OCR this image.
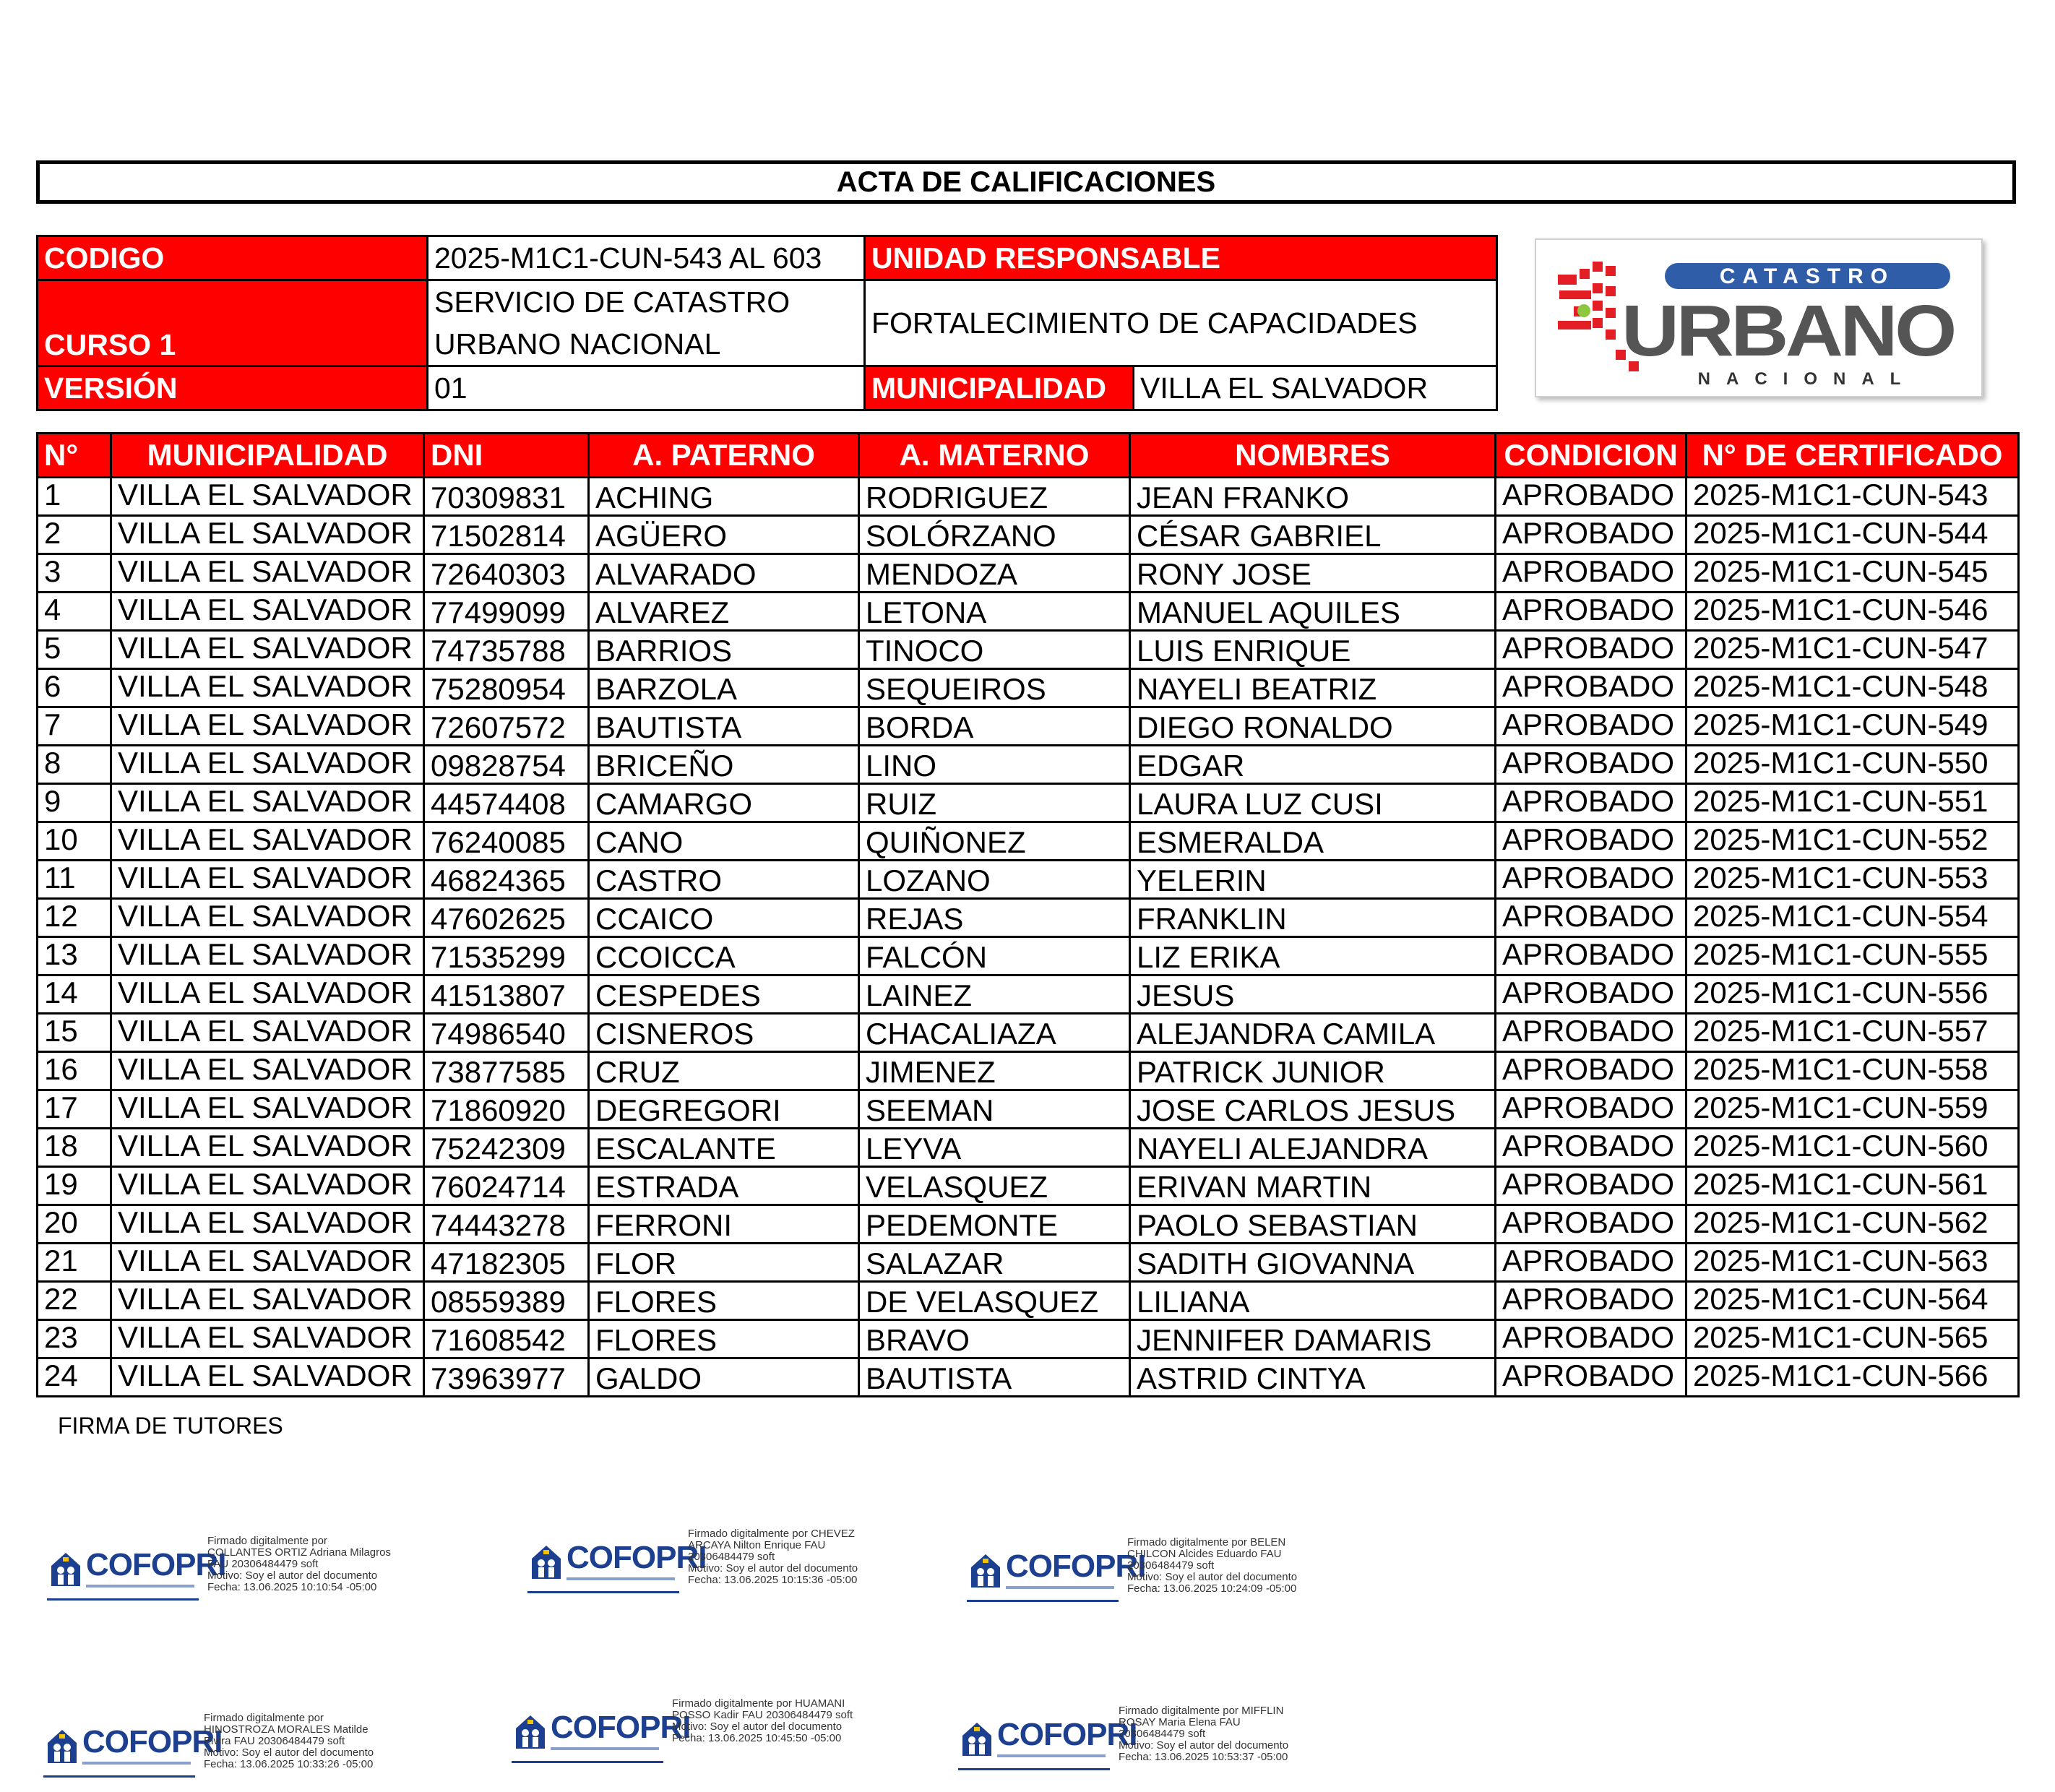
ACTA DE CALIFICACIONES
CODIGO	2025-M1C1-CUN-543 AL 603	UNIDAD RESPONSABLE	
CURSO 1	SERVICIO DE CATASTRO URBANO NACIONAL	FORTALECIMIENTO DE CAPACIDADES	
VERSIÓN	01	MUNICIPALIDAD	VILLA EL SALVADOR
CATASTRO
URBANO
NACIONAL
N°	MUNICIPALIDAD	DNI	A. PATERNO	A. MATERNO	NOMBRES	CONDICION	N° DE CERTIFICADO
1	VILLA EL SALVADOR	70309831	ACHING	RODRIGUEZ	JEAN FRANKO	APROBADO	2025-M1C1-CUN-543
2	VILLA EL SALVADOR	71502814	AGÜERO	SOLÓRZANO	CÉSAR GABRIEL	APROBADO	2025-M1C1-CUN-544
3	VILLA EL SALVADOR	72640303	ALVARADO	MENDOZA	RONY JOSE	APROBADO	2025-M1C1-CUN-545
4	VILLA EL SALVADOR	77499099	ALVAREZ	LETONA	MANUEL AQUILES	APROBADO	2025-M1C1-CUN-546
5	VILLA EL SALVADOR	74735788	BARRIOS	TINOCO	LUIS ENRIQUE	APROBADO	2025-M1C1-CUN-547
6	VILLA EL SALVADOR	75280954	BARZOLA	SEQUEIROS	NAYELI BEATRIZ	APROBADO	2025-M1C1-CUN-548
7	VILLA EL SALVADOR	72607572	BAUTISTA	BORDA	DIEGO RONALDO	APROBADO	2025-M1C1-CUN-549
8	VILLA EL SALVADOR	09828754	BRICEÑO	LINO	EDGAR	APROBADO	2025-M1C1-CUN-550
9	VILLA EL SALVADOR	44574408	CAMARGO	RUIZ	LAURA LUZ CUSI	APROBADO	2025-M1C1-CUN-551
10	VILLA EL SALVADOR	76240085	CANO	QUIÑONEZ	ESMERALDA	APROBADO	2025-M1C1-CUN-552
11	VILLA EL SALVADOR	46824365	CASTRO	LOZANO	YELERIN	APROBADO	2025-M1C1-CUN-553
12	VILLA EL SALVADOR	47602625	CCAICO	REJAS	FRANKLIN	APROBADO	2025-M1C1-CUN-554
13	VILLA EL SALVADOR	71535299	CCOICCA	FALCÓN	LIZ ERIKA	APROBADO	2025-M1C1-CUN-555
14	VILLA EL SALVADOR	41513807	CESPEDES	LAINEZ	JESUS	APROBADO	2025-M1C1-CUN-556
15	VILLA EL SALVADOR	74986540	CISNEROS	CHACALIAZA	ALEJANDRA CAMILA	APROBADO	2025-M1C1-CUN-557
16	VILLA EL SALVADOR	73877585	CRUZ	JIMENEZ	PATRICK JUNIOR	APROBADO	2025-M1C1-CUN-558
17	VILLA EL SALVADOR	71860920	DEGREGORI	SEEMAN	JOSE CARLOS JESUS	APROBADO	2025-M1C1-CUN-559
18	VILLA EL SALVADOR	75242309	ESCALANTE	LEYVA	NAYELI ALEJANDRA	APROBADO	2025-M1C1-CUN-560
19	VILLA EL SALVADOR	76024714	ESTRADA	VELASQUEZ	ERIVAN MARTIN	APROBADO	2025-M1C1-CUN-561
20	VILLA EL SALVADOR	74443278	FERRONI	PEDEMONTE	PAOLO SEBASTIAN	APROBADO	2025-M1C1-CUN-562
21	VILLA EL SALVADOR	47182305	FLOR	SALAZAR	SADITH GIOVANNA	APROBADO	2025-M1C1-CUN-563
22	VILLA EL SALVADOR	08559389	FLORES	DE VELASQUEZ	LILIANA	APROBADO	2025-M1C1-CUN-564
23	VILLA EL SALVADOR	71608542	FLORES	BRAVO	JENNIFER DAMARIS	APROBADO	2025-M1C1-CUN-565
24	VILLA EL SALVADOR	73963977	GALDO	BAUTISTA	ASTRID CINTYA	APROBADO	2025-M1C1-CUN-566
FIRMA DE TUTORES
COFOPRI
Firmado digitalmente por
COLLANTES ORTIZ Adriana Milagros
FAU 20306484479 soft
Motivo: Soy el autor del documento
Fecha: 13.06.2025 10:10:54 -05:00
COFOPRI
Firmado digitalmente por CHEVEZ
ARCAYA Nilton Enrique FAU
20306484479 soft
Motivo: Soy el autor del documento
Fecha: 13.06.2025 10:15:36 -05:00	COFOPRI
Firmado digitalmente por BELEN
CHILCON Alcides Eduardo FAU
20306484479 soft
Motivo: Soy el autor del documento
Fecha: 13.06.2025 10:24:09 -05:00
COFOPRI
Firmado digitalmente por
HINOSTROZA MORALES Matilde
Elvira FAU 20306484479 soft
Motivo: Soy el autor del documento
Fecha: 13.06.2025 10:33:26 -05:00
COFOPRI
Firmado digitalmente por HUAMANI
POSSO Kadir FAU 20306484479 soft
Motivo: Soy el autor del documento
Fecha: 13.06.2025 10:45:50 -05:00	COFOPRI
Firmado digitalmente por MIFFLIN
ROSAY Maria Elena FAU
20306484479 soft
Motivo: Soy el autor del documento
Fecha: 13.06.2025 10:53:37 -05:00
